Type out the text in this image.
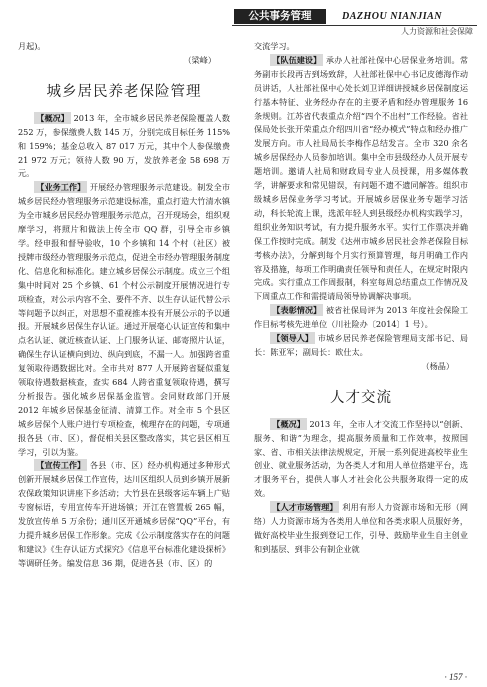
公共事务管理	DAZHOU NIANJIAN
人力资源和社会保障

月起)。

（梁峰）

城乡居民养老保险管理

【概况】 2013 年，全市城乡居民养老保险覆盖人数 252 万，参保缴费人数 145 万，分别完成目标任务 115% 和 159%；基金总收入 87 017 万元，其中个人参保缴费 21 972 万元；领待人数 90 万，发放养老金 58 698 万元。

【业务工作】 开展经办管理服务示范建设。制发全市城乡居民经办管理服务示范建设标准，重点打造大竹清水镇为全市城乡居民经办管理服务示范点，召开现场会，组织观摩学习，将照片和做法上传全市 QQ 群，引导全市乡镇学。经申报和督导验收，10 个乡镇和 14 个村（社区）被授牌市级经办管理服务示范点，促进全市经办管理服务制度化、信息化和标准化。建立城乡居保公示制度。成立三个组集中时间对 25 个乡镇、61 个村公示制度开展情况进行专项检查，对公示内容不全、要件不齐、以生存认证代替公示等问题予以纠正，对思想不重视推本投有开展公示的予以通报。开展城乡居保生存认证。通过开展毫心认证宣传和集中点名认证、就近核查认证、上门服务认证、邮寄照片认证，确保生存认证横向到边、纵向到底，不漏一人。加强跨省重复领取待遇数据比对。全市共对 877 人开展跨省疑似重复领取待遇数据核查，查实 684 人跨省重复领取待遇，撰写分析报告。强化城乡居保基金监管。会同财政部门开展 2012 年城乡居保基金征清、清算工作。对全市 5 个县区城乡居保个人账户进行专项检查，梳理存在的问题，专项通报各县（市、区），督促相关县区整改落实，其它县区相互学习，引以为鉴。

【宣传工作】 各县（市、区）经办机构通过多种形式创新开展城乡居保工作宣传，达川区组织人员到乡镇开展新农保政策知识讲座下乡活动；大竹县在县级客运车辆上广贴专窗标语，专用宣传车开进场镇；开江在管置板 265 幅，发放宣传单 5 万余份；通川区开通城乡居保“QQ”平台，有力提升城乡居保工作形象。完成《公示制度落实存在的问题和建议》《生存认证方式探究》《信息平台标准化建设探析》等调研任务。编发信息 36 期，促进各县（市、区）的

交流学习。

【队伍建设】 承办人社部社保中心居保业务培训。常务副市长段再吉到场致辞，人社部社保中心书记皮德海作动员讲话，人社部社保中心处长刘卫详细讲授城乡居保制度运行基本特征、业务经办存在的主要矛盾和经办管理服务 16 条规则。江苏省代表重点介绍“四个不出村”工作经验。省社保局处长张开荣重点介绍四川省“经办模式”特点和经办推广发展方向。市人社局局长李梅作总结发言。全市 320 余名城乡居保经办人员参加培训。集中全市县级经办人员开展专题培训。邀请人社局和财政局专业人员授课，用多媒体教学，讲解要求和常见错误，有问题不遗不遗同解答。组织市级城乡居保业务学习考试。开展城乡居保业务专题学习活动，科长轮流上课，选派年轻人到县级经办机构实践学习，组织业务知识考试，有力提升服务水平。实行工作票决并确保工作按时完成。制发《达州市城乡居民社会养老保险目标考核办法》，分解到每个月实行预算管理，每月明确工作内容及措施，每项工作明确责任领导和责任人，在规定时限内完成。实行重点工作周报制，科室每周总结重点工作情况及下周重点工作和需提请局领导协调解决事项。

【表彰情况】 被省社保局评为 2013 年度社会保险工作目标考核先进单位（川社险办〔2014〕1 号）。

【领导人】 市城乡居民养老保险管理局支部书记、局长：陈亚军；副局长：欧仕太。

（杨晶）

人才交流

【概况】 2013 年，全市人才交流工作坚持以“创新、服务、和谐”为理念，提高服务质量和工作效率，按照国家、省、市相关法律法规规定，开展一系列促进高校毕业生创业、就业服务活动，为各类人才和用人单位搭建平台，选才服务平台，提供人事人才社会化公共服务取得一定的成效。

【人才市场管理】 利用有形人力资源市场和无形（网络）人力资源市场为各类用人单位和各类求职人员服好务，做好高校毕业生报到登记工作，引导、鼓励毕业生自主创业和到基层、到非公有制企业就

· 157 ·
